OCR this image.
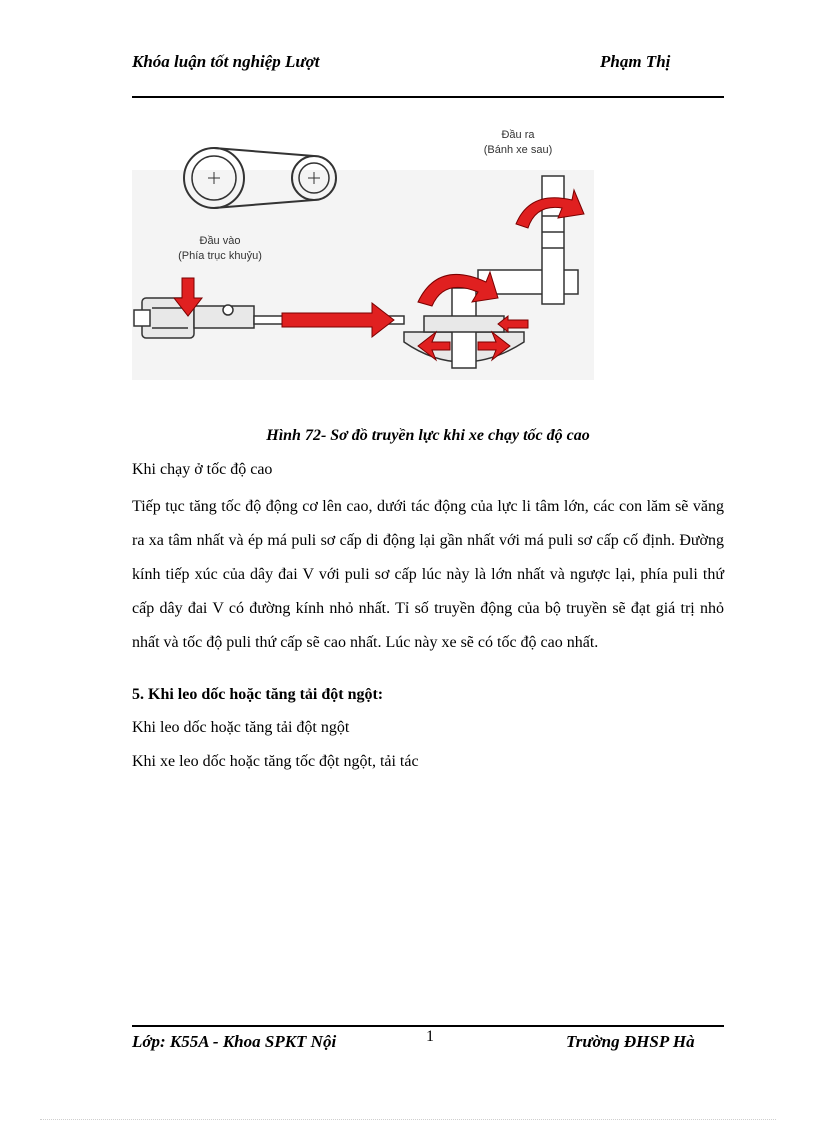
Khóa luận tốt nghiệp Lượt	Phạm Thị
Đầu ra
(Bánh xe sau)
Đầu vào
(Phía trục khuỷu)
Hình 72- Sơ đồ truyền lực khi xe chạy tốc độ cao
Khi chạy ở tốc độ cao
Tiếp tục tăng tốc độ động cơ lên cao, dưới tác động của lực li tâm lớn, các con lăm sẽ văng ra xa tâm nhất và ép má puli sơ cấp di động lại gần nhất với má puli sơ cấp cố định. Đường kính tiếp xúc của dây đai V với puli sơ cấp lúc này là lớn nhất và ngược lại, phía puli thứ cấp dây đai V có đường kính nhỏ nhất. Tỉ số truyền động của bộ truyền sẽ đạt giá trị nhỏ nhất và tốc độ puli thứ cấp sẽ cao nhất. Lúc này xe sẽ có tốc độ cao nhất.
5. Khi leo dốc hoặc tăng tải đột ngột:
Khi leo dốc hoặc tăng tải đột ngột
Khi xe leo dốc hoặc tăng tốc đột ngột, tải tác
Lớp: K55A - Khoa SPKT Nội	1	Trường ĐHSP Hà
